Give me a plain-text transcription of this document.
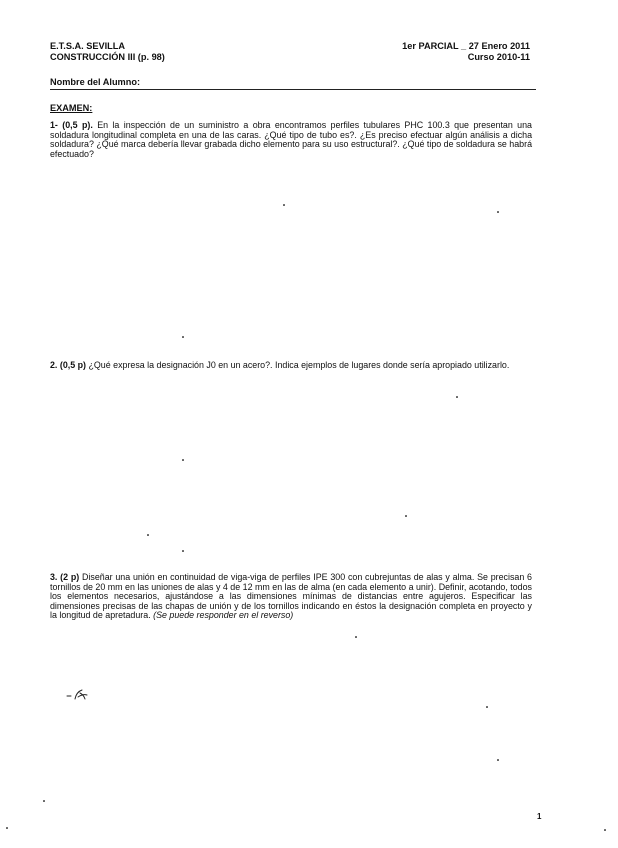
E.T.S.A. SEVILLA
CONSTRUCCIÓN III (p. 98)
1er PARCIAL _ 27 Enero 2011
Curso 2010-11
Nombre del Alumno:
EXAMEN:
1- (0,5 p). En la inspección de un suministro a obra encontramos perfiles tubulares PHC 100.3 que presentan una soldadura longitudinal completa en una de las caras. ¿Qué tipo de tubo es?. ¿Es preciso efectuar algún análisis a dicha soldadura? ¿Qué marca debería llevar grabada dicho elemento para su uso estructural?. ¿Qué tipo de soldadura se habrá efectuado?
2. (0,5 p) ¿Qué expresa la designación J0 en un acero?. Indica ejemplos de lugares donde sería apropiado utilizarlo.
3. (2 p) Diseñar una unión en continuidad de viga-viga de perfiles IPE 300 con cubrejuntas de alas y alma. Se precisan 6 tornillos de 20 mm en las uniones de alas y 4 de 12 mm en las de alma (en cada elemento a unir). Definir, acotando, todos los elementos necesarios, ajustándose a las dimensiones mínimas de distancias entre agujeros. Especificar las dimensiones precisas de las chapas de unión y de los tornillos indicando en éstos la designación completa en proyecto y la longitud de apretadura. (Se puede responder en el reverso)
1
